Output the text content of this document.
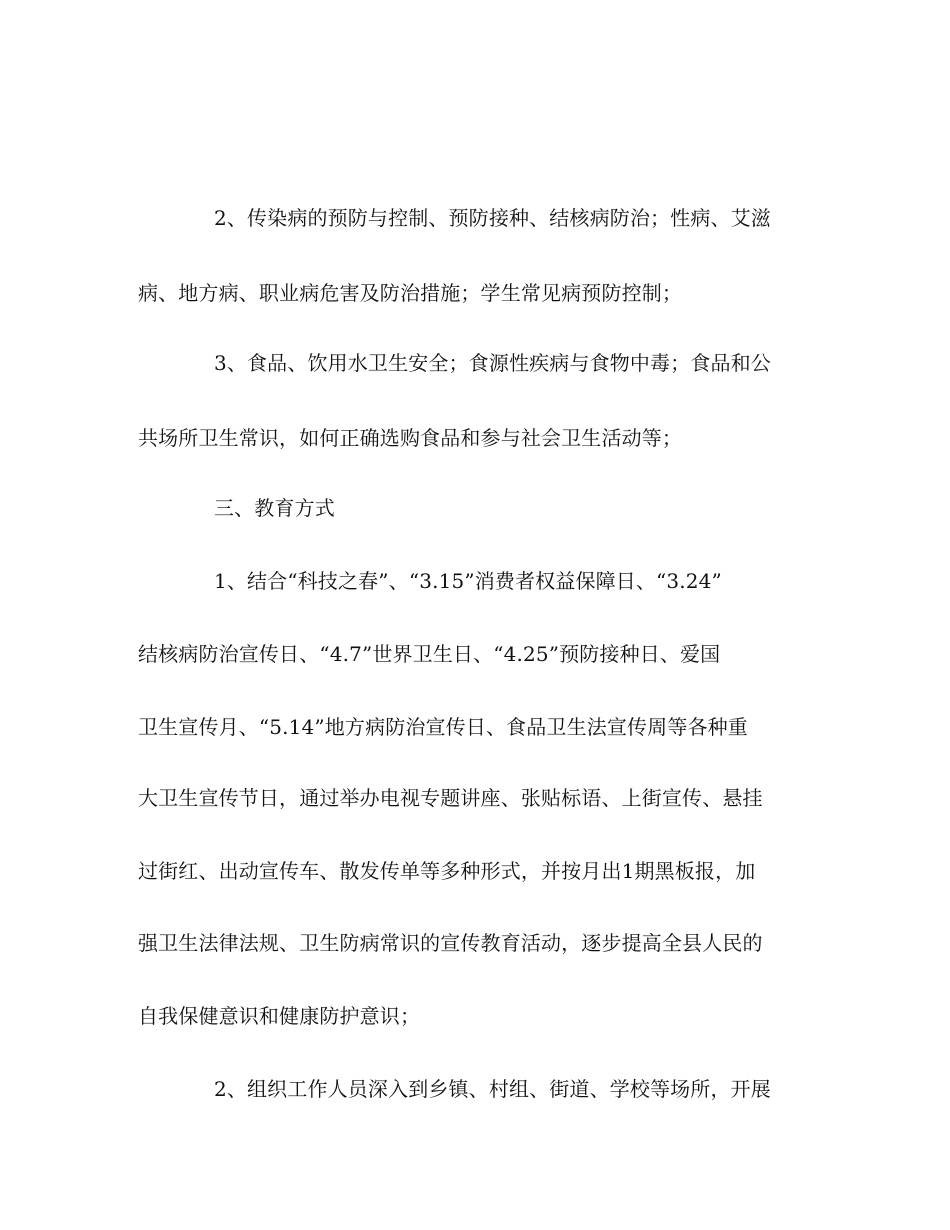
2、传染病的预防与控制、预防接种、结核病防治；性病、艾滋
病、地方病、职业病危害及防治措施；学生常见病预防控制；
3、食品、饮用水卫生安全；食源性疾病与食物中毒；食品和公
共场所卫生常识，如何正确选购食品和参与社会卫生活动等；
三、教育方式
1、结合“科技之春”、“3.15”消费者权益保障日、“3.24”
结核病防治宣传日、“4.7”世界卫生日、“4.25”预防接种日、爱国
卫生宣传月、“5.14”地方病防治宣传日、食品卫生法宣传周等各种重
大卫生宣传节日，通过举办电视专题讲座、张贴标语、上街宣传、悬挂
过街红、出动宣传车、散发传单等多种形式，并按月出1期黑板报，加
强卫生法律法规、卫生防病常识的宣传教育活动，逐步提高全县人民的
自我保健意识和健康防护意识；
2、组织工作人员深入到乡镇、村组、街道、学校等场所，开展
